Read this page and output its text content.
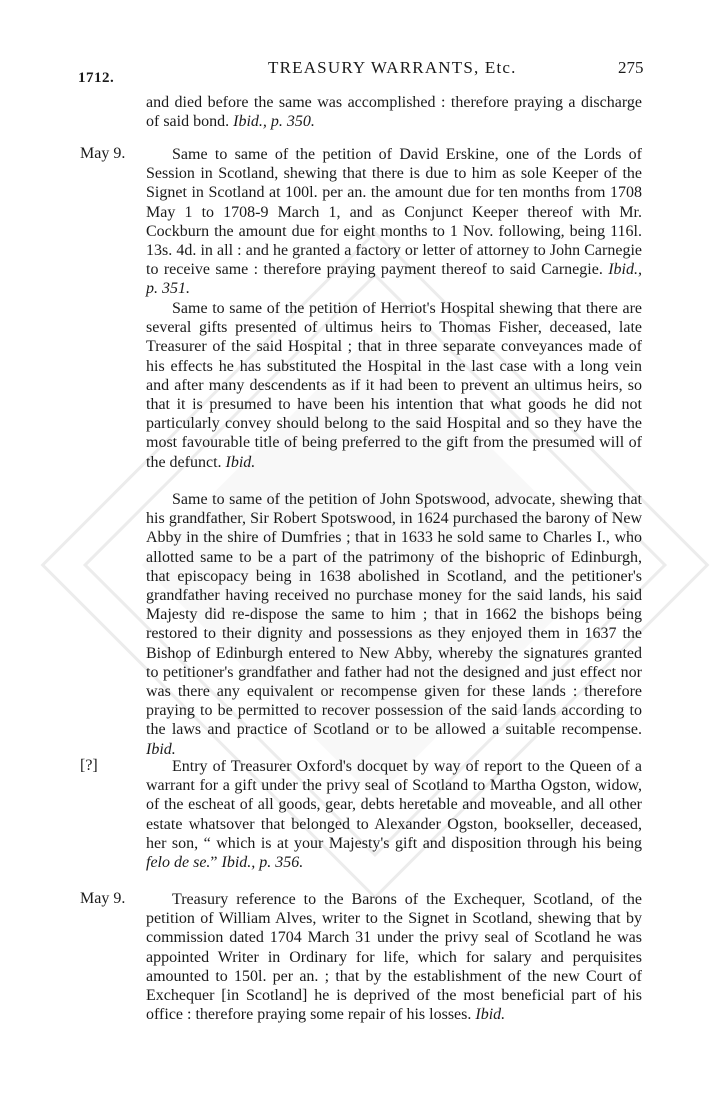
1712.
TREASURY WARRANTS, Etc.	275

and died before the same was accomplished : therefore praying a discharge of said bond. Ibid., p. 350.

May 9.	Same to same of the petition of David Erskine, one of the Lords of Session in Scotland, shewing that there is due to him as sole Keeper of the Signet in Scotland at 100l. per an. the amount due for ten months from 1708 May 1 to 1708-9 March 1, and as Conjunct Keeper thereof with Mr. Cockburn the amount due for eight months to 1 Nov. following, being 116l. 13s. 4d. in all : and he granted a factory or letter of attorney to John Carnegie to receive same : therefore praying payment thereof to said Carnegie. Ibid., p. 351.

Same to same of the petition of Herriot's Hospital shewing that there are several gifts presented of ultimus heirs to Thomas Fisher, deceased, late Treasurer of the said Hospital ; that in three separate conveyances made of his effects he has substituted the Hospital in the last case with a long vein and after many descendents as if it had been to prevent an ultimus heirs, so that it is presumed to have been his intention that what goods he did not particularly convey should belong to the said Hospital and so they have the most favourable title of being preferred to the gift from the presumed will of the defunct. Ibid.

Same to same of the petition of John Spotswood, advocate, shewing that his grandfather, Sir Robert Spotswood, in 1624 purchased the barony of New Abby in the shire of Dumfries ; that in 1633 he sold same to Charles I., who allotted same to be a part of the patrimony of the bishopric of Edinburgh, that episcopacy being in 1638 abolished in Scotland, and the petitioner's grandfather having received no purchase money for the said lands, his said Majesty did re-dispose the same to him ; that in 1662 the bishops being restored to their dignity and possessions as they enjoyed them in 1637 the Bishop of Edinburgh entered to New Abby, whereby the signatures granted to petitioner's grandfather and father had not the designed and just effect nor was there any equivalent or recompense given for these lands : therefore praying to be permitted to recover possession of the said lands according to the laws and practice of Scotland or to be allowed a suitable recompense. Ibid.

[?]	Entry of Treasurer Oxford's docquet by way of report to the Queen of a warrant for a gift under the privy seal of Scotland to Martha Ogston, widow, of the escheat of all goods, gear, debts heretable and moveable, and all other estate whatsover that belonged to Alexander Ogston, bookseller, deceased, her son, “ which is at your Majesty's gift and disposition through his being felo de se.” Ibid., p. 356.

May 9.	Treasury reference to the Barons of the Exchequer, Scotland, of the petition of William Alves, writer to the Signet in Scotland, shewing that by commission dated 1704 March 31 under the privy seal of Scotland he was appointed Writer in Ordinary for life, which for salary and perquisites amounted to 150l. per an. ; that by the establishment of the new Court of Exchequer [in Scotland] he is deprived of the most beneficial part of his office : therefore praying some repair of his losses. Ibid.
